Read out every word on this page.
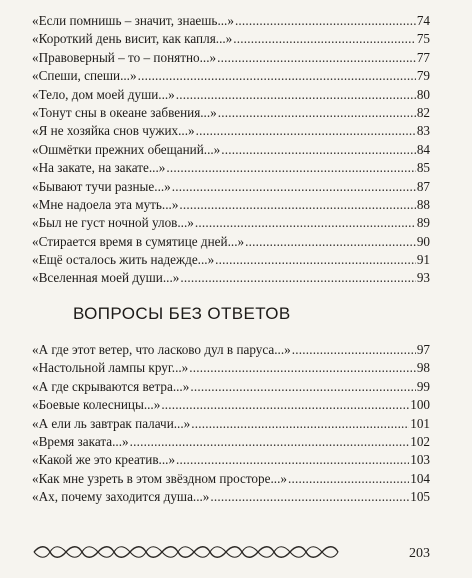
«Если помнишь – значит, знаешь...» .....	74
«Короткий день висит, как капля...» .....	75
«Правоверный – то – понятно...» .....	77
«Спеши, спеши...» .....	79
«Тело, дом моей души...» .....	80
«Тонут сны в океане забвения...» .....	82
«Я не хозяйка снов чужих...» .....	83
«Ошмётки прежних обещаний...» .....	84
«На закате, на закате...» .....	85
«Бывают тучи разные...» .....	87
«Мне надоела эта муть...» .....	88
«Был не густ ночной улов...» .....	89
«Стирается время в сумятице дней...» .....	90
«Ещё осталось жить надежде...» .....	91
«Вселенная моей души...» .....	93
ВОПРОСЫ БЕЗ ОТВЕТОВ
«А где этот ветер, что ласково дул в паруса...» .....	97
«Настольной лампы круг...» .....	98
«А где скрываются ветра...» .....	99
«Боевые колесницы...» .....	100
«А ели ль завтрак палачи...» .....	101
«Время заката...» .....	102
«Какой же это креатив...» .....	103
«Как мне узреть в этом звёздном просторе...» .....	104
«Ах, почему заходится душа...» .....	105
203
